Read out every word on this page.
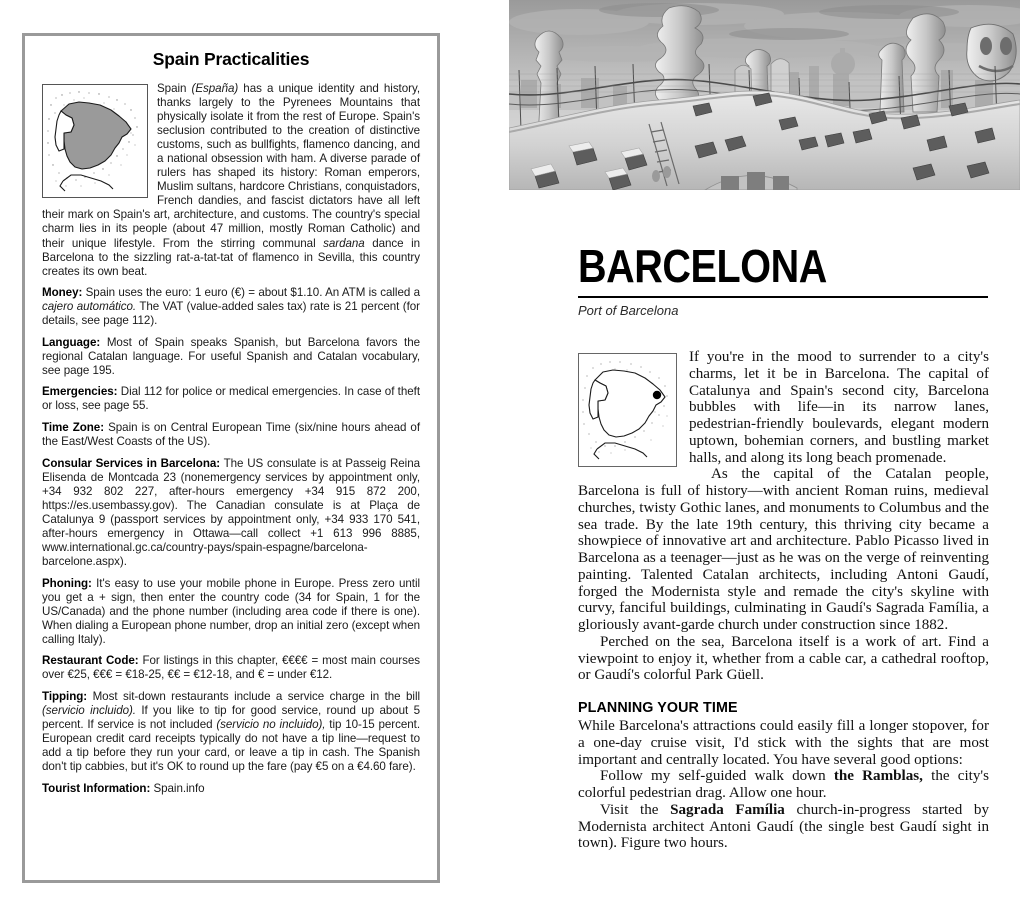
Spain Practicalities

Spain (España) has a unique identity and history, thanks largely to the Pyrenees Mountains that physically isolate it from the rest of Europe. Spain's seclusion contributed to the creation of distinctive customs, such as bullfights, flamenco dancing, and a national obsession with ham. A diverse parade of rulers has shaped its history: Roman emperors, Muslim sultans, hardcore Christians, conquistadors, French dandies, and fascist dictators have all left their mark on Spain's art, architecture, and customs. The country's special charm lies in its people (about 47 million, mostly Roman Catholic) and their unique lifestyle. From the stirring communal sardana dance in Barcelona to the sizzling rat-a-tat-tat of flamenco in Sevilla, this country creates its own beat.

Money: Spain uses the euro: 1 euro (€) = about $1.10. An ATM is called a cajero automático. The VAT (value-added sales tax) rate is 21 percent (for details, see page 112).

Language: Most of Spain speaks Spanish, but Barcelona favors the regional Catalan language. For useful Spanish and Catalan vocabulary, see page 195.

Emergencies: Dial 112 for police or medical emergencies. In case of theft or loss, see page 55.

Time Zone: Spain is on Central European Time (six/nine hours ahead of the East/West Coasts of the US).

Consular Services in Barcelona: The US consulate is at Passeig Reina Elisenda de Montcada 23 (nonemergency services by appointment only, +34 932 802 227, after-hours emergency +34 915 872 200, https://es.usembassy.gov). The Canadian consulate is at Plaça de Catalunya 9 (passport services by appointment only, +34 933 170 541, after-hours emergency in Ottawa—call collect +1 613 996 8885, www.international.gc.ca/country-pays/spain-espagne/barcelona-barcelone.aspx).

Phoning: It's easy to use your mobile phone in Europe. Press zero until you get a + sign, then enter the country code (34 for Spain, 1 for the US/Canada) and the phone number (including area code if there is one). When dialing a European phone number, drop an initial zero (except when calling Italy).

Restaurant Code: For listings in this chapter, €€€€ = most main courses over €25, €€€ = €18-25, €€ = €12-18, and € = under €12.

Tipping: Most sit-down restaurants include a service charge in the bill (servicio incluido). If you like to tip for good service, round up about 5 percent. If service is not included (servicio no incluido), tip 10-15 percent. European credit card receipts typically do not have a tip line—request to add a tip before they run your card, or leave a tip in cash. The Spanish don't tip cabbies, but it's OK to round up the fare (pay €5 on a €4.60 fare).

Tourist Information: Spain.info

BARCELONA
Port of Barcelona

If you're in the mood to surrender to a city's charms, let it be in Barcelona. The capital of Catalunya and Spain's second city, Barcelona bubbles with life—in its narrow lanes, pedestrian-friendly boulevards, elegant modern uptown, bohemian corners, and bustling market halls, and along its long beach promenade.

As the capital of the Catalan people, Barcelona is full of history—with ancient Roman ruins, medieval churches, twisty Gothic lanes, and monuments to Columbus and the sea trade. By the late 19th century, this thriving city became a showpiece of innovative art and architecture. Pablo Picasso lived in Barcelona as a teenager—just as he was on the verge of reinventing painting. Talented Catalan architects, including Antoni Gaudí, forged the Modernista style and remade the city's skyline with curvy, fanciful buildings, culminating in Gaudí's Sagrada Família, a gloriously avant-garde church under construction since 1882.

Perched on the sea, Barcelona itself is a work of art. Find a viewpoint to enjoy it, whether from a cable car, a cathedral rooftop, or Gaudí's colorful Park Güell.

PLANNING YOUR TIME

While Barcelona's attractions could easily fill a longer stopover, for a one-day cruise visit, I'd stick with the sights that are most important and centrally located. You have several good options:

Follow my self-guided walk down the Ramblas, the city's colorful pedestrian drag. Allow one hour.

Visit the Sagrada Família church-in-progress started by Modernista architect Antoni Gaudí (the single best Gaudí sight in town). Figure two hours.
